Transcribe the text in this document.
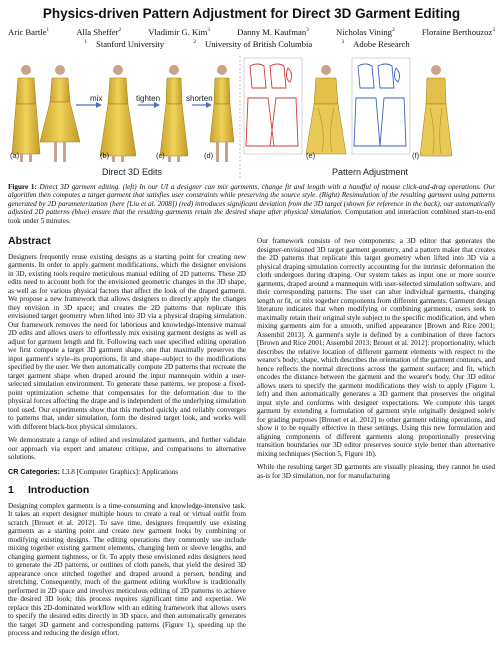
Physics-driven Pattern Adjustment for Direct 3D Garment Editing
Aric Bartle$^1$	Alla Sheffer$^2$	Vladimir G. Kim$^3$	Danny M. Kaufman$^3$	Nicholas Vining$^2$	Floraine Berthouzoz$^3$
$^1$ Stanford University	$^2$ University of British Columbia	$^3$ Adobe Research
mix	tighten	shorten
(a)	(b)	(c)	(d)
Direct 3D Edits
(e)	(f)
Pattern Adjustment
Figure 1: Direct 3D garment editing. (left) In our UI a designer can mix garments, change fit and length with a handful of mouse click-and-drag operations. Our algorithm then computes a target garment that satisfies user constraints while preserving the source style. (Right) Resimulation of the resulting garment using patterns generated by 2D parameterization (here [Liu et al. 2008]) (red) introduces significant deviation from the 3D target (shown for reference in the back), our automatically adjusted 2D patterns (blue) ensure that the resulting garments retain the desired shape after physical simulation. Computation and interaction combined start-to-end took under 5 minutes.
Abstract

Designers frequently reuse existing designs as a starting point for creating new garments. In order to apply garment modifications, which the designer envisions in 3D, existing tools require meticulous manual editing of 2D patterns. These 2D edits need to account both for the envisioned geometric changes in the 3D shape, as well as for various physical factors that affect the look of the draped garment. We propose a new framework that allows designers to directly apply the changes they envision in 3D space; and creates the 2D patterns that replicate this envisioned target geometry when lifted into 3D via a physical draping simulation. Our framework removes the need for laborious and knowledge-intensive manual 2D edits and allows users to effortlessly mix existing garment designs as well as adjust for garment length and fit. Following each user specified editing operation we first compute a target 3D garment shape, one that maximally preserves the input garment's style–its proportions, fit and shape–subject to the modifications specified by the user. We then automatically compute 2D patterns that recreate the target garment shape when draped around the input mannequin within a user-selected simulation environment. To generate these patterns, we propose a fixed-point optimization scheme that compensates for the deformation due to the physical forces affecting the drape and is independent of the underlying simulation tool used. Our experiments show that this method quickly and reliably converges to patterns that, under simulation, form the desired target look, and works well with different black-box physical simulators.

We demonstrate a range of edited and resimulated garments, and further validate our approach via expert and amateur critique, and comparisons to alternative solutions.

CR Categories: I.3.8 [Computer Graphics]: Applications

1 Introduction

Designing complex garments is a time-consuming and knowledge-intensive task. It takes an expert designer multiple hours to create a real or virtual outfit from scratch [Brouet et al. 2012]. To save time, designers frequently use existing garments as a starting point and create new garment looks by combining or modifying existing designs. The editing operations they commonly use include mixing together existing garment elements, changing hem or sleeve lengths, and changing garment tightness, or fit. To apply these envisioned edits designers need to generate the 2D patterns, or outlines of cloth panels, that yield the desired 3D appearance once stitched together and draped around a person, bending and stretching. Consequently, much of the garment editing workflow is traditionally performed in 2D space and involves meticulous editing of 2D patterns to achieve the desired 3D look; this process requires significant time and expertise. We replace this 2D-dominated workflow with an editing framework that allows users to specify the desired edits directly in 3D space, and then automatically generates the target 3D garment and corresponding patterns (Figure 1), speeding up the process and reducing the design effort.

Our framework consists of two components: a 3D editor that generates the designer-envisioned 3D target garment geometry, and a pattern maker that creates the 2D patterns that replicate this target geometry when lifted into 3D via a physical draping simulation correctly accounting for the intrinsic deformation the cloth undergoes during draping. Our system takes as input one or more source garments, draped around a mannequin with user-selected simulation software, and their corresponding patterns. The user can alter individual garments, changing length or fit, or mix together components from different garments. Garment design literature indicates that when modifying or combining garments, users seek to maximally retain their original style subject to the specific modification, and when mixing garments aim for a smooth, unified appearance [Brown and Rice 2001; Assembil 2013]. A garment's style is defined by a combination of three factors [Brown and Rice 2001; Assembil 2013; Brouet et al. 2012]: proportionality, which describes the relative location of different garment elements with respect to the wearer's body; shape, which describes the orientation of the garment contours, and hence reflects the normal directions across the garment surface; and fit, which encodes the distance between the garment and the wearer's body. Our 3D editor allows users to specify the garment modifications they wish to apply (Figure 1, left) and then automatically generates a 3D garment that preserves the original input style and conforms with designer expectations. We compute this target garment by extending a formulation of garment style originally designed solely for grading purposes [Brouet et al. 2012] to other garment editing operations, and show it to be equally effective in these settings. Using this new formulation and aligning components of different garments along proportionally preserving transition boundaries our 3D editor preserves source style better than alternative mixing techniques (Section 5, Figure 1b).

While the resulting target 3D garments are visually pleasing, they cannot be used as-is for 3D simulation, nor for manufacturing
